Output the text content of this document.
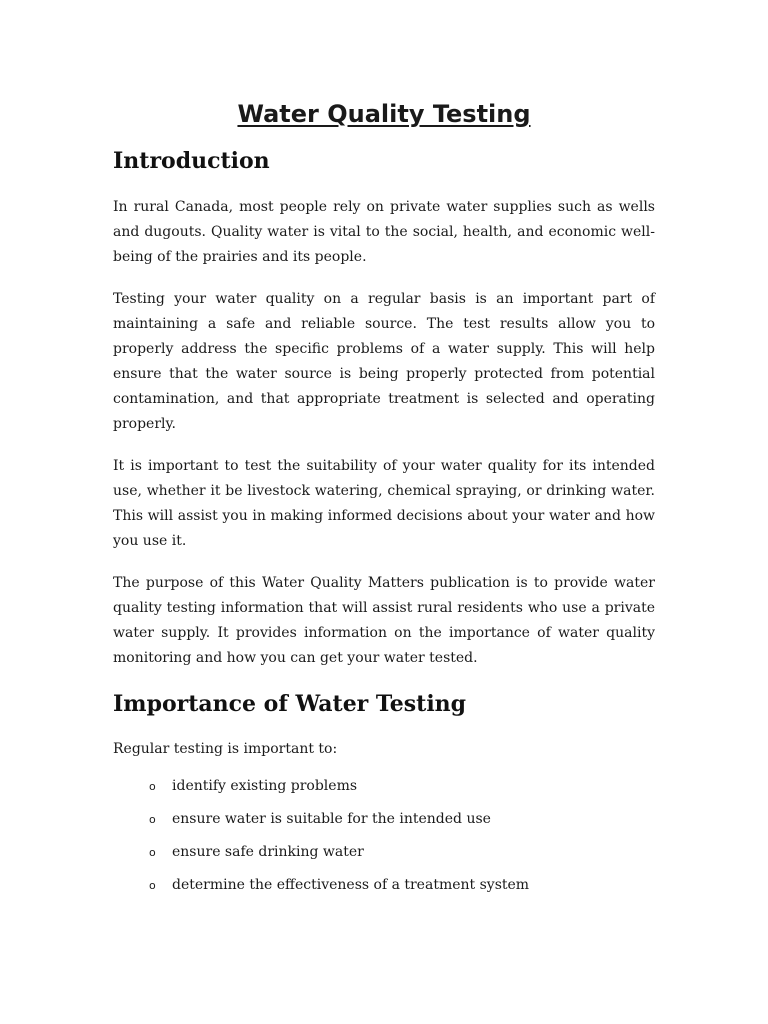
Water Quality Testing
Introduction

In rural Canada, most people rely on private water supplies such as wells and dugouts. Quality water is vital to the social, health, and economic well-being of the prairies and its people.

Testing your water quality on a regular basis is an important part of maintaining a safe and reliable source. The test results allow you to properly address the specific problems of a water supply. This will help ensure that the water source is being properly protected from potential contamination, and that appropriate treatment is selected and operating properly.

It is important to test the suitability of your water quality for its intended use, whether it be livestock watering, chemical spraying, or drinking water. This will assist you in making informed decisions about your water and how you use it.

The purpose of this Water Quality Matters publication is to provide water quality testing information that will assist rural residents who use a private water supply. It provides information on the importance of water quality monitoring and how you can get your water tested.

Importance of Water Testing

Regular testing is important to:

o identify existing problems
o ensure water is suitable for the intended use
o ensure safe drinking water
o determine the effectiveness of a treatment system
